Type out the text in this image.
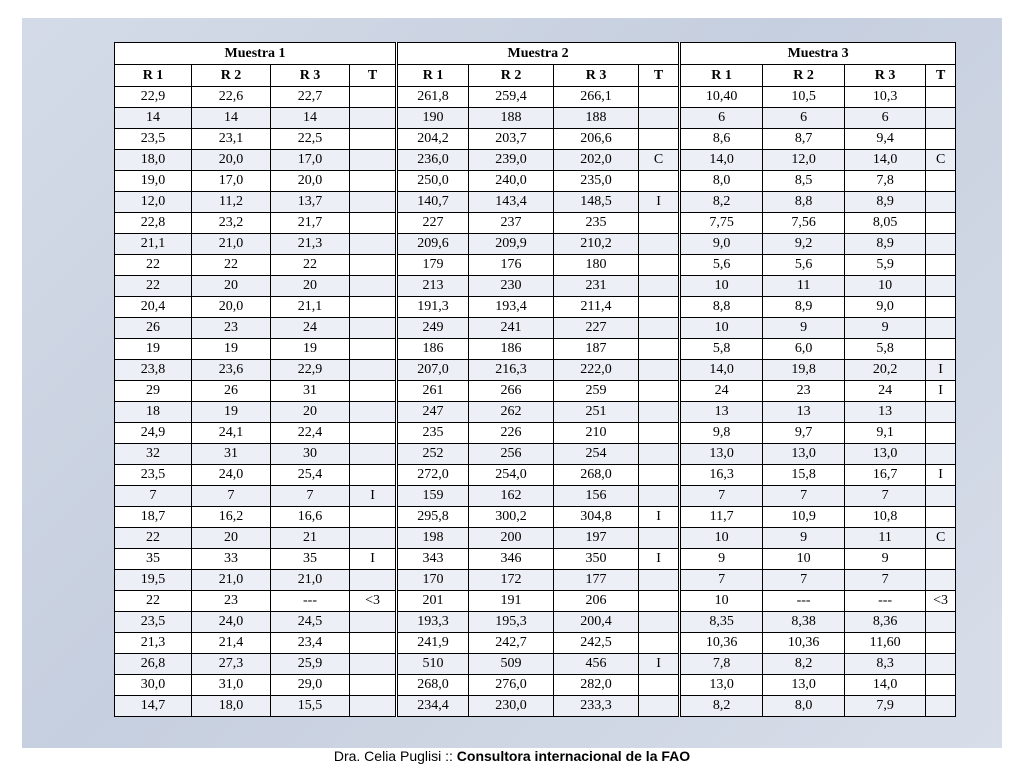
Muestra 1				Muestra 2				Muestra 3			
R 1	R 2	R 3	T	R 1	R 2	R 3	T	R 1	R 2	R 3	T
22,9	22,6	22,7		261,8	259,4	266,1		10,40	10,5	10,3	
14	14	14		190	188	188		6	6	6	
23,5	23,1	22,5		204,2	203,7	206,6		8,6	8,7	9,4	
18,0	20,0	17,0		236,0	239,0	202,0	C	14,0	12,0	14,0	C
19,0	17,0	20,0		250,0	240,0	235,0		8,0	8,5	7,8	
12,0	11,2	13,7		140,7	143,4	148,5	I	8,2	8,8	8,9	
22,8	23,2	21,7		227	237	235		7,75	7,56	8,05	
21,1	21,0	21,3		209,6	209,9	210,2		9,0	9,2	8,9	
22	22	22		179	176	180		5,6	5,6	5,9	
22	20	20		213	230	231		10	11	10	
20,4	20,0	21,1		191,3	193,4	211,4		8,8	8,9	9,0	
26	23	24		249	241	227		10	9	9	
19	19	19		186	186	187		5,8	6,0	5,8	
23,8	23,6	22,9		207,0	216,3	222,0		14,0	19,8	20,2	I
29	26	31		261	266	259		24	23	24	I
18	19	20		247	262	251		13	13	13	
24,9	24,1	22,4		235	226	210		9,8	9,7	9,1	
32	31	30		252	256	254		13,0	13,0	13,0	
23,5	24,0	25,4		272,0	254,0	268,0		16,3	15,8	16,7	I
7	7	7	I	159	162	156		7	7	7	
18,7	16,2	16,6		295,8	300,2	304,8	I	11,7	10,9	10,8	
22	20	21		198	200	197		10	9	11	C
35	33	35	I	343	346	350	I	9	10	9	
19,5	21,0	21,0		170	172	177		7	7	7	
22	23	---	<3	201	191	206		10	---	---	<3
23,5	24,0	24,5		193,3	195,3	200,4		8,35	8,38	8,36	
21,3	21,4	23,4		241,9	242,7	242,5		10,36	10,36	11,60	
26,8	27,3	25,9		510	509	456	I	7,8	8,2	8,3	
30,0	31,0	29,0		268,0	276,0	282,0		13,0	13,0	14,0	
14,7	18,0	15,5		234,4	230,0	233,3		8,2	8,0	7,9	
Dra. Celia Puglisi :: Consultora internacional de la FAO
